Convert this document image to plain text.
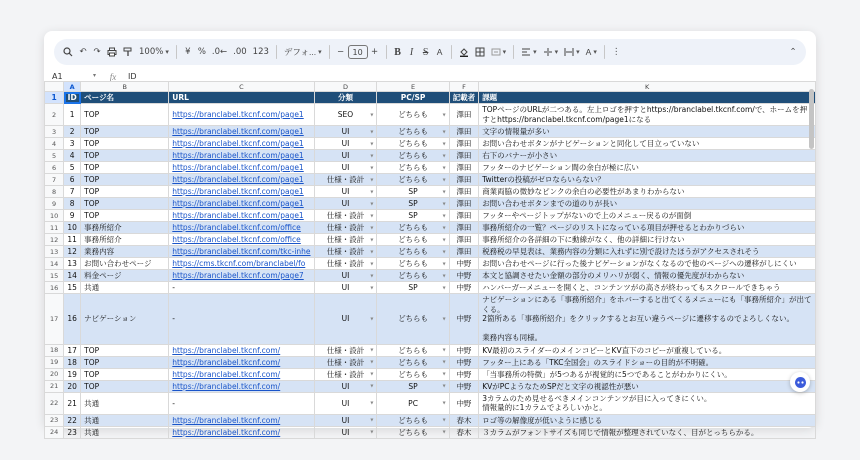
↶ ↷	100% ▾	¥ % .0← .00 123	デフォ... ▾	−	10 +	B I S A ▾ ▾ ▾ ▾	A ▾	⋮	⌃
A1	▾	fx	ID
	A	B	C	D	E	F	K
1	ID	ページ名	URL	分類	PC/SP	記載者	課題
2	1	TOP	https://branclabel.tkcnf.com/page1	SEO ▾	どちらも ▾	澤田	TOPページのURLが二つある。左上ロゴを押すとhttps://branclabel.tkcnf.com/で、ホームを押すとhttps://branclabel.tkcnf.com/page1になる
3	2	TOP	https://branclabel.tkcnf.com/page1	UI ▾	どちらも ▾	澤田	文字の情報量が多い
4	3	TOP	https://branclabel.tkcnf.com/page1	UI ▾	どちらも ▾	澤田	お問い合わせボタンがナビゲーションと同化して目立っていない
5	4	TOP	https://branclabel.tkcnf.com/page1	UI ▾	どちらも ▾	澤田	右下のバナーが小さい
6	5	TOP	https://branclabel.tkcnf.com/page1	UI ▾	どちらも ▾	澤田	フッターのナビゲーション間の余白が極に広い
7	6	TOP	https://branclabel.tkcnf.com/page1	仕様・設計 ▾	どちらも ▾	澤田	Twitterの投稿がゼロならいらない？
8	7	TOP	https://branclabel.tkcnf.com/page1	UI ▾	SP ▾	澤田	商業両脇の微妙なピンクの余白の必要性があまりわからない
9	8	TOP	https://branclabel.tkcnf.com/page1	UI ▾	SP ▾	澤田	お問い合わせボタンまでの道のりが長い
10	9	TOP	https://branclabel.tkcnf.com/page1	仕様・設計 ▾	SP ▾	澤田	フッターやページトップがないので上のメニュー戻るのが面倒
11	10	事務所紹介	https://branclabel.tkcnf.com/office	仕様・設計 ▾	どちらも ▾	澤田	事務所紹介の一覧？ページのリストになっている項目が押せるとわかりづらい
12	11	事務所紹介	https://branclabel.tkcnf.com/office	仕様・設計 ▾	どちらも ▾	澤田	事務所紹介の各詳細の下に動線がなく、他の詳細に行けない
13	12	業務内容	https://branclabel.tkcnf.com/tkc-inhe	仕様・設計 ▾	どちらも ▾	澤田	税務税の早見表は、業務内容の分類に入れずに別で設けたほうがアクセスされそう
14	13	お問い合わせページ	https://cms.tkcnf.com/branclabel/fo	仕様・設計 ▾	どちらも ▾	中野	お問い合わせページに行った後ナビゲーションがなくなるので他のページへの遷移がしにくい
15	14	料金ページ	https://branclabel.tkcnf.com/page7	UI ▾	どちらも ▾	中野	本文と協調させたい金額の部分のメリハリが弱く、情報の優先度がわからない
16	15	共通	-	UI ▾	SP ▾	中野	ハンバーガーメニューを開くと、コンテンツがの高さが終わってもスクロールできちゃう
17	16	ナビゲーション	-	UI ▾	どちらも ▾	中野	ナビゲーションにある「事務所紹介」をホバーすると出てくるメニューにも「事務所紹介」が出てくる。
2箇所ある「事務所紹介」をクリックするとお互い違うページに遷移するのでよろしくない。

業務内容も同様。
18	17	TOP	https://branclabel.tkcnf.com/	仕様・設計 ▾	どちらも ▾	中野	KV最初のスライダーのメインコピーとKV直下のコピーが重複している。
19	18	TOP	https://branclabel.tkcnf.com/	仕様・設計 ▾	どちらも ▾	中野	フッター上にある「TKC全国会」のスライドショーの目的が不明確。
20	19	TOP	https://branclabel.tkcnf.com/	仕様・設計 ▾	どちらも ▾	中野	「当事務所の特徴」が5つあるが視覚的に5つであることがわかりにくい。
21	20	TOP	https://branclabel.tkcnf.com/	UI ▾	SP ▾	中野	KVがPCようなためSPだと文字の視認性が悪い
22	21	共通	-	UI ▾	PC ▾	中野	3カラムのため見せるべきメインコンテンツが目に入ってきにくい。
情報量的に1カラムでよろしいかと。
23	22	共通	https://branclabel.tkcnf.com/	UI ▾	どちらも ▾	春木	ロゴ等の解像度が低いように感じる
24	23	共通	https://branclabel.tkcnf.com/	UI ▾	どちらも ▾	春木	３カラムがフォントサイズも同じで情報が整理されていなく、目がとっちらかる。
